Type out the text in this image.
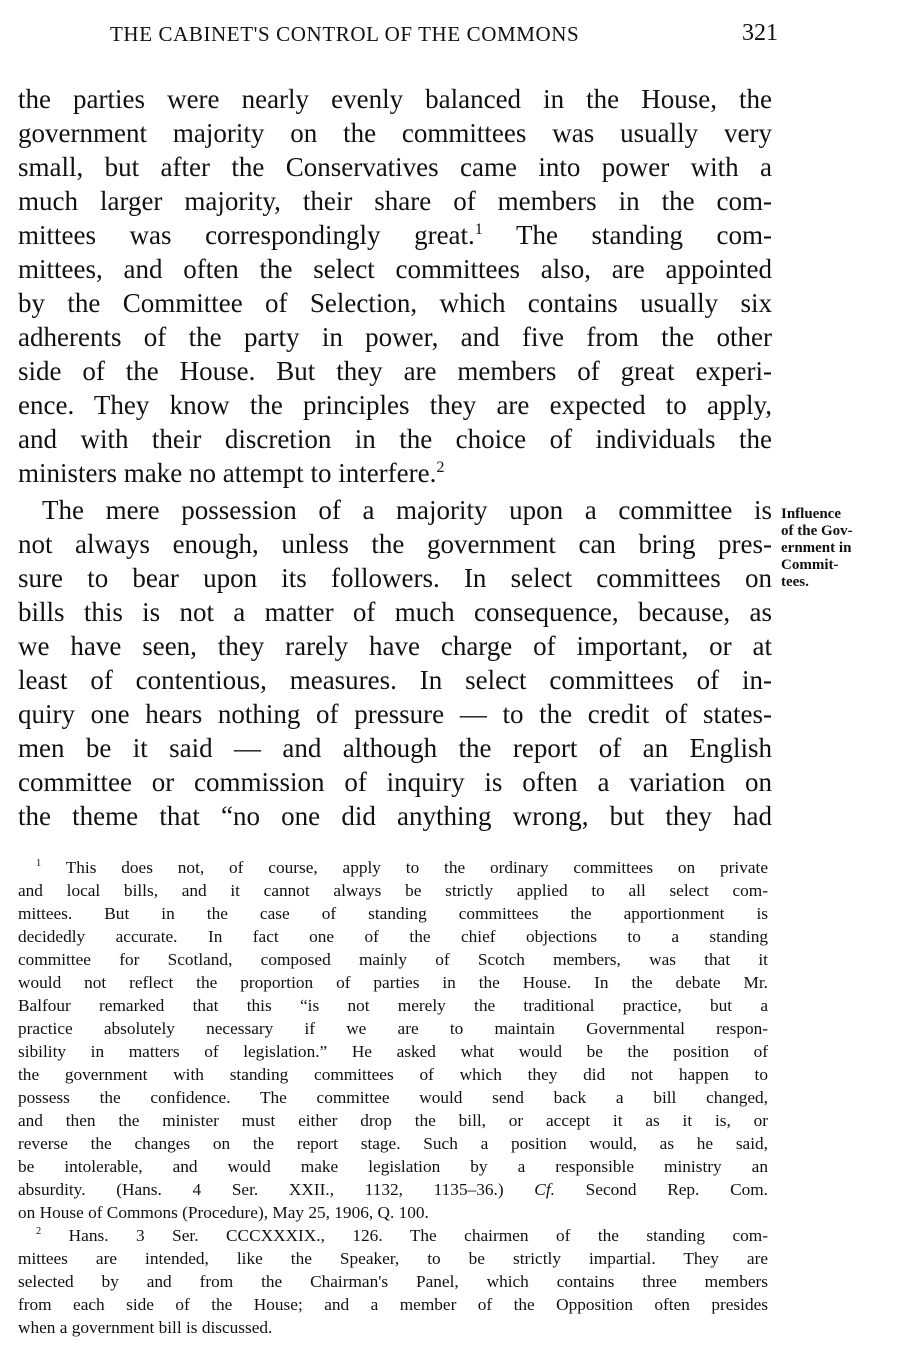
THE CABINET'S CONTROL OF THE COMMONS	321
the parties were nearly evenly balanced in the House, the
government majority on the committees was usually very
small, but after the Conservatives came into power with a
much larger majority, their share of members in the com-
mittees was correspondingly great.$^1$ The standing com-
mittees, and often the select committees also, are appointed
by the Committee of Selection, which contains usually six
adherents of the party in power, and five from the other
side of the House. But they are members of great experi-
ence. They know the principles they are expected to apply,
and with their discretion in the choice of individuals the
ministers make no attempt to interfere.$^2$
The mere possession of a majority upon a committee is
not always enough, unless the government can bring pres-
sure to bear upon its followers. In select committees on
bills this is not a matter of much consequence, because, as
we have seen, they rarely have charge of important, or at
least of contentious, measures. In select committees of in-
quiry one hears nothing of pressure — to the credit of states-
men be it said — and although the report of an English
committee or commission of inquiry is often a variation on
the theme that “no one did anything wrong, but they had
Influence
of the Gov-
ernment in
Commit-
tees.
$^1$ This does not, of course, apply to the ordinary committees on private
and local bills, and it cannot always be strictly applied to all select com-
mittees. But in the case of standing committees the apportionment is
decidedly accurate. In fact one of the chief objections to a standing
committee for Scotland, composed mainly of Scotch members, was that it
would not reflect the proportion of parties in the House. In the debate Mr.
Balfour remarked that this “is not merely the traditional practice, but a
practice absolutely necessary if we are to maintain Governmental respon-
sibility in matters of legislation.” He asked what would be the position of
the government with standing committees of which they did not happen to
possess the confidence. The committee would send back a bill changed,
and then the minister must either drop the bill, or accept it as it is, or
reverse the changes on the report stage. Such a position would, as he said,
be intolerable, and would make legislation by a responsible ministry an
absurdity. (Hans. 4 Ser. XXII., 1132, 1135–36.) Cf. Second Rep. Com.
on House of Commons (Procedure), May 25, 1906, Q. 100.
$^2$ Hans. 3 Ser. CCCXXXIX., 126. The chairmen of the standing com-
mittees are intended, like the Speaker, to be strictly impartial. They are
selected by and from the Chairman's Panel, which contains three members
from each side of the House; and a member of the Opposition often presides
when a government bill is discussed.
